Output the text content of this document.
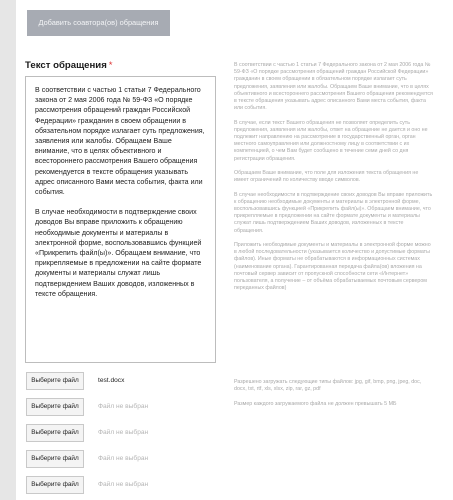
Добавить соавтора(ов) обращения
Текст обращения *

В соответствии с частью 1 статьи 7 Федерального закона от 2 мая 2006 года № 59-ФЗ «О порядке рассмотрения обращений граждан Российской Федерации» гражданин в своем обращении в обязательном порядке излагает суть предложения, заявления или жалобы. Обращаем Ваше внимание, что в целях объективного и всестороннего рассмотрения Вашего обращения рекомендуется в тексте обращения указывать адрес описанного Вами места события, факта или события.

В случае необходимости в подтверждение своих доводов Вы вправе приложить к обращению необходимые документы и материалы в электронной форме, воспользовавшись функцией «Прикрепить файл(ы)». Обращаем внимание, что прикрепляемые в предложении на сайте формате документы и материалы служат лишь подтверждением Ваших доводов, изложенных в тексте обращения.

В соответствии с частью 1 статьи 7 Федерального закона от 2 мая 2006 года № 59-ФЗ «О порядке рассмотрения обращений граждан Российской Федерации» гражданин в своем обращении в обязательном порядке излагает суть предложения, заявления или жалобы. Обращаем Ваше внимание, что в целях объективного и всестороннего рассмотрения Вашего обращения рекомендуется в тексте обращения указывать адрес описанного Вами места события, факта или события.

В случае, если текст Вашего обращения не позволяет определить суть предложения, заявления или жалобы, ответ на обращение не дается и оно не подлежит направлению на рассмотрение в государственный орган, орган местного самоуправления или должностному лицу в соответствии с их компетенцией, о чем Вам будет сообщено в течение семи дней со дня регистрации обращения.

Обращаем Ваше внимание, что поле для изложения текста обращения не имеет ограничений по количеству вводе символов.

В случае необходимости в подтверждение своих доводов Вы вправе приложить к обращению необходимые документы и материалы в электронной форме, воспользовавшись функцией «Прикрепить файл(ы)». Обращаем внимание, что прикрепляемые в предложении на сайте формате документы и материалы служат лишь подтверждением Ваших доводов, изложенных в тексте обращения.

Приложить необходимые документы и материалы в электронной форме можно в любой последовательности (указывается количество и допустимые форматы файлов). Иные форматы не обрабатываются в информационных системах (наименование органа). Гарантированная передача файла(ов) вложения на почтовый сервер зависит от пропускной способности сети «Интернет» пользователя, а получение – от объёма обрабатываемых почтовым сервером переданных файлов)

Выберите файл	test.docx
Выберите файл	Файл не выбран
Выберите файл	Файл не выбран
Выберите файл	Файл не выбран
Выберите файл	Файл не выбран

Разрешено загружать следующие типы файлов: jpg, gif, bmp, png, jpeg, doc, docx, txt, rtf, xls, xlsx, zip, rar, gz, pdf

Размер каждого загружаемого файла не должен превышать 5 МБ
